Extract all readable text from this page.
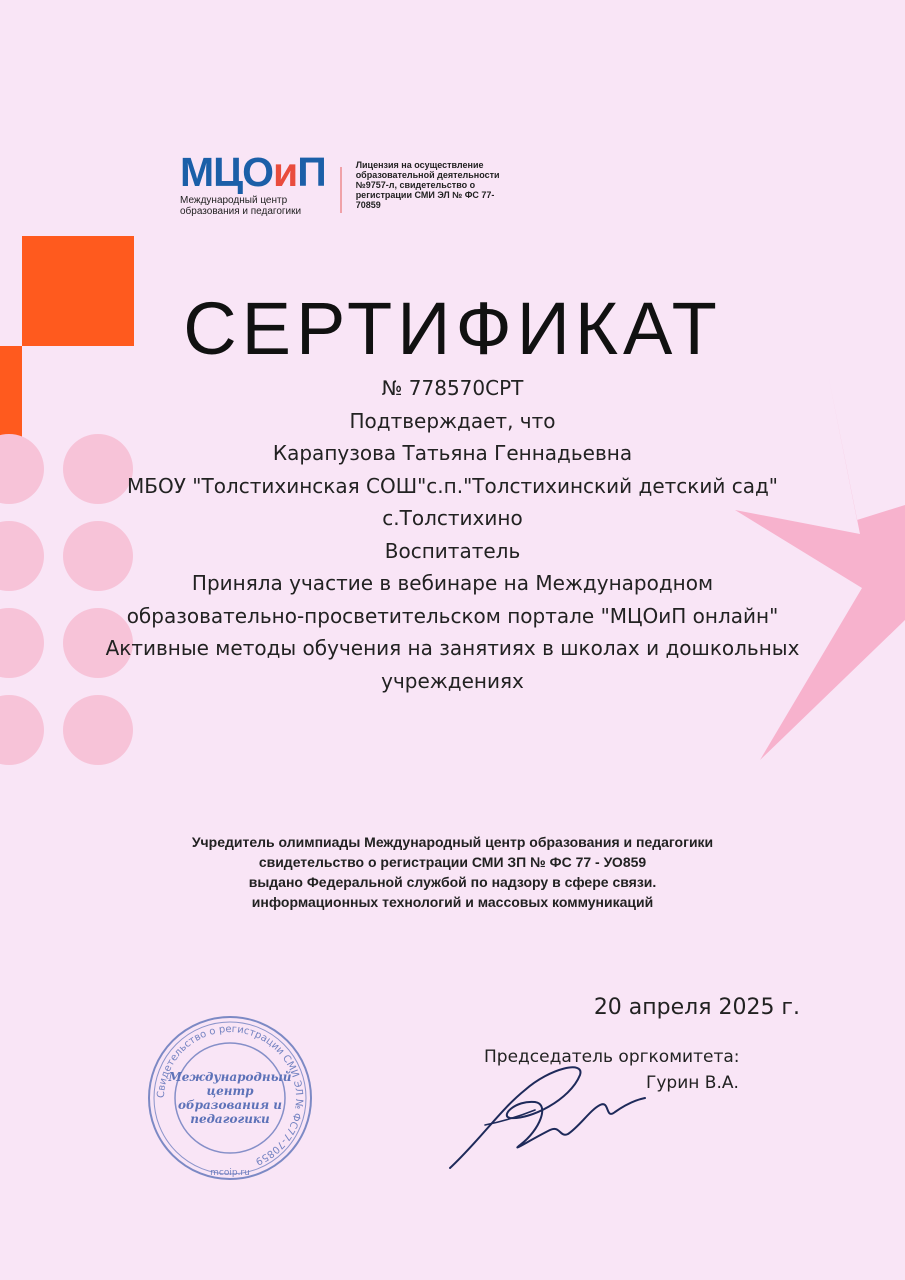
МЦОиП
Международный центр образования и педагогики
Лицензия на осуществление образовательной деятельности №9757-л, свидетельство о регистрации СМИ ЭЛ № ФС 77-70859
СЕРТИФИКАТ
№ 778570СРТ
Подтверждает, что
Карапузова Татьяна Геннадьевна
МБОУ "Толстихинская СОШ"с.п."Толстихинский детский сад"
с.Толстихино
Воспитатель
Приняла участие в вебинаре на Международном
образовательно-просветительском портале "МЦОиП онлайн"
Активные методы обучения на занятиях в школах и дошкольных
учреждениях
Учредитель олимпиады Международный центр образования и педагогики
свидетельство о регистрации СМИ ЗП № ФС 77 - УО859
выдано Федеральной службой по надзору в сфере связи.
информационных технологий и массовых коммуникаций
20 апреля 2025 г.
Председатель оргкомитета:
Гурин В.А.
Свидетельство о регистрации СМИ ЭЛ № ФС77-70859
mcoip.ru
Международный
центр
образования и
педагогики
